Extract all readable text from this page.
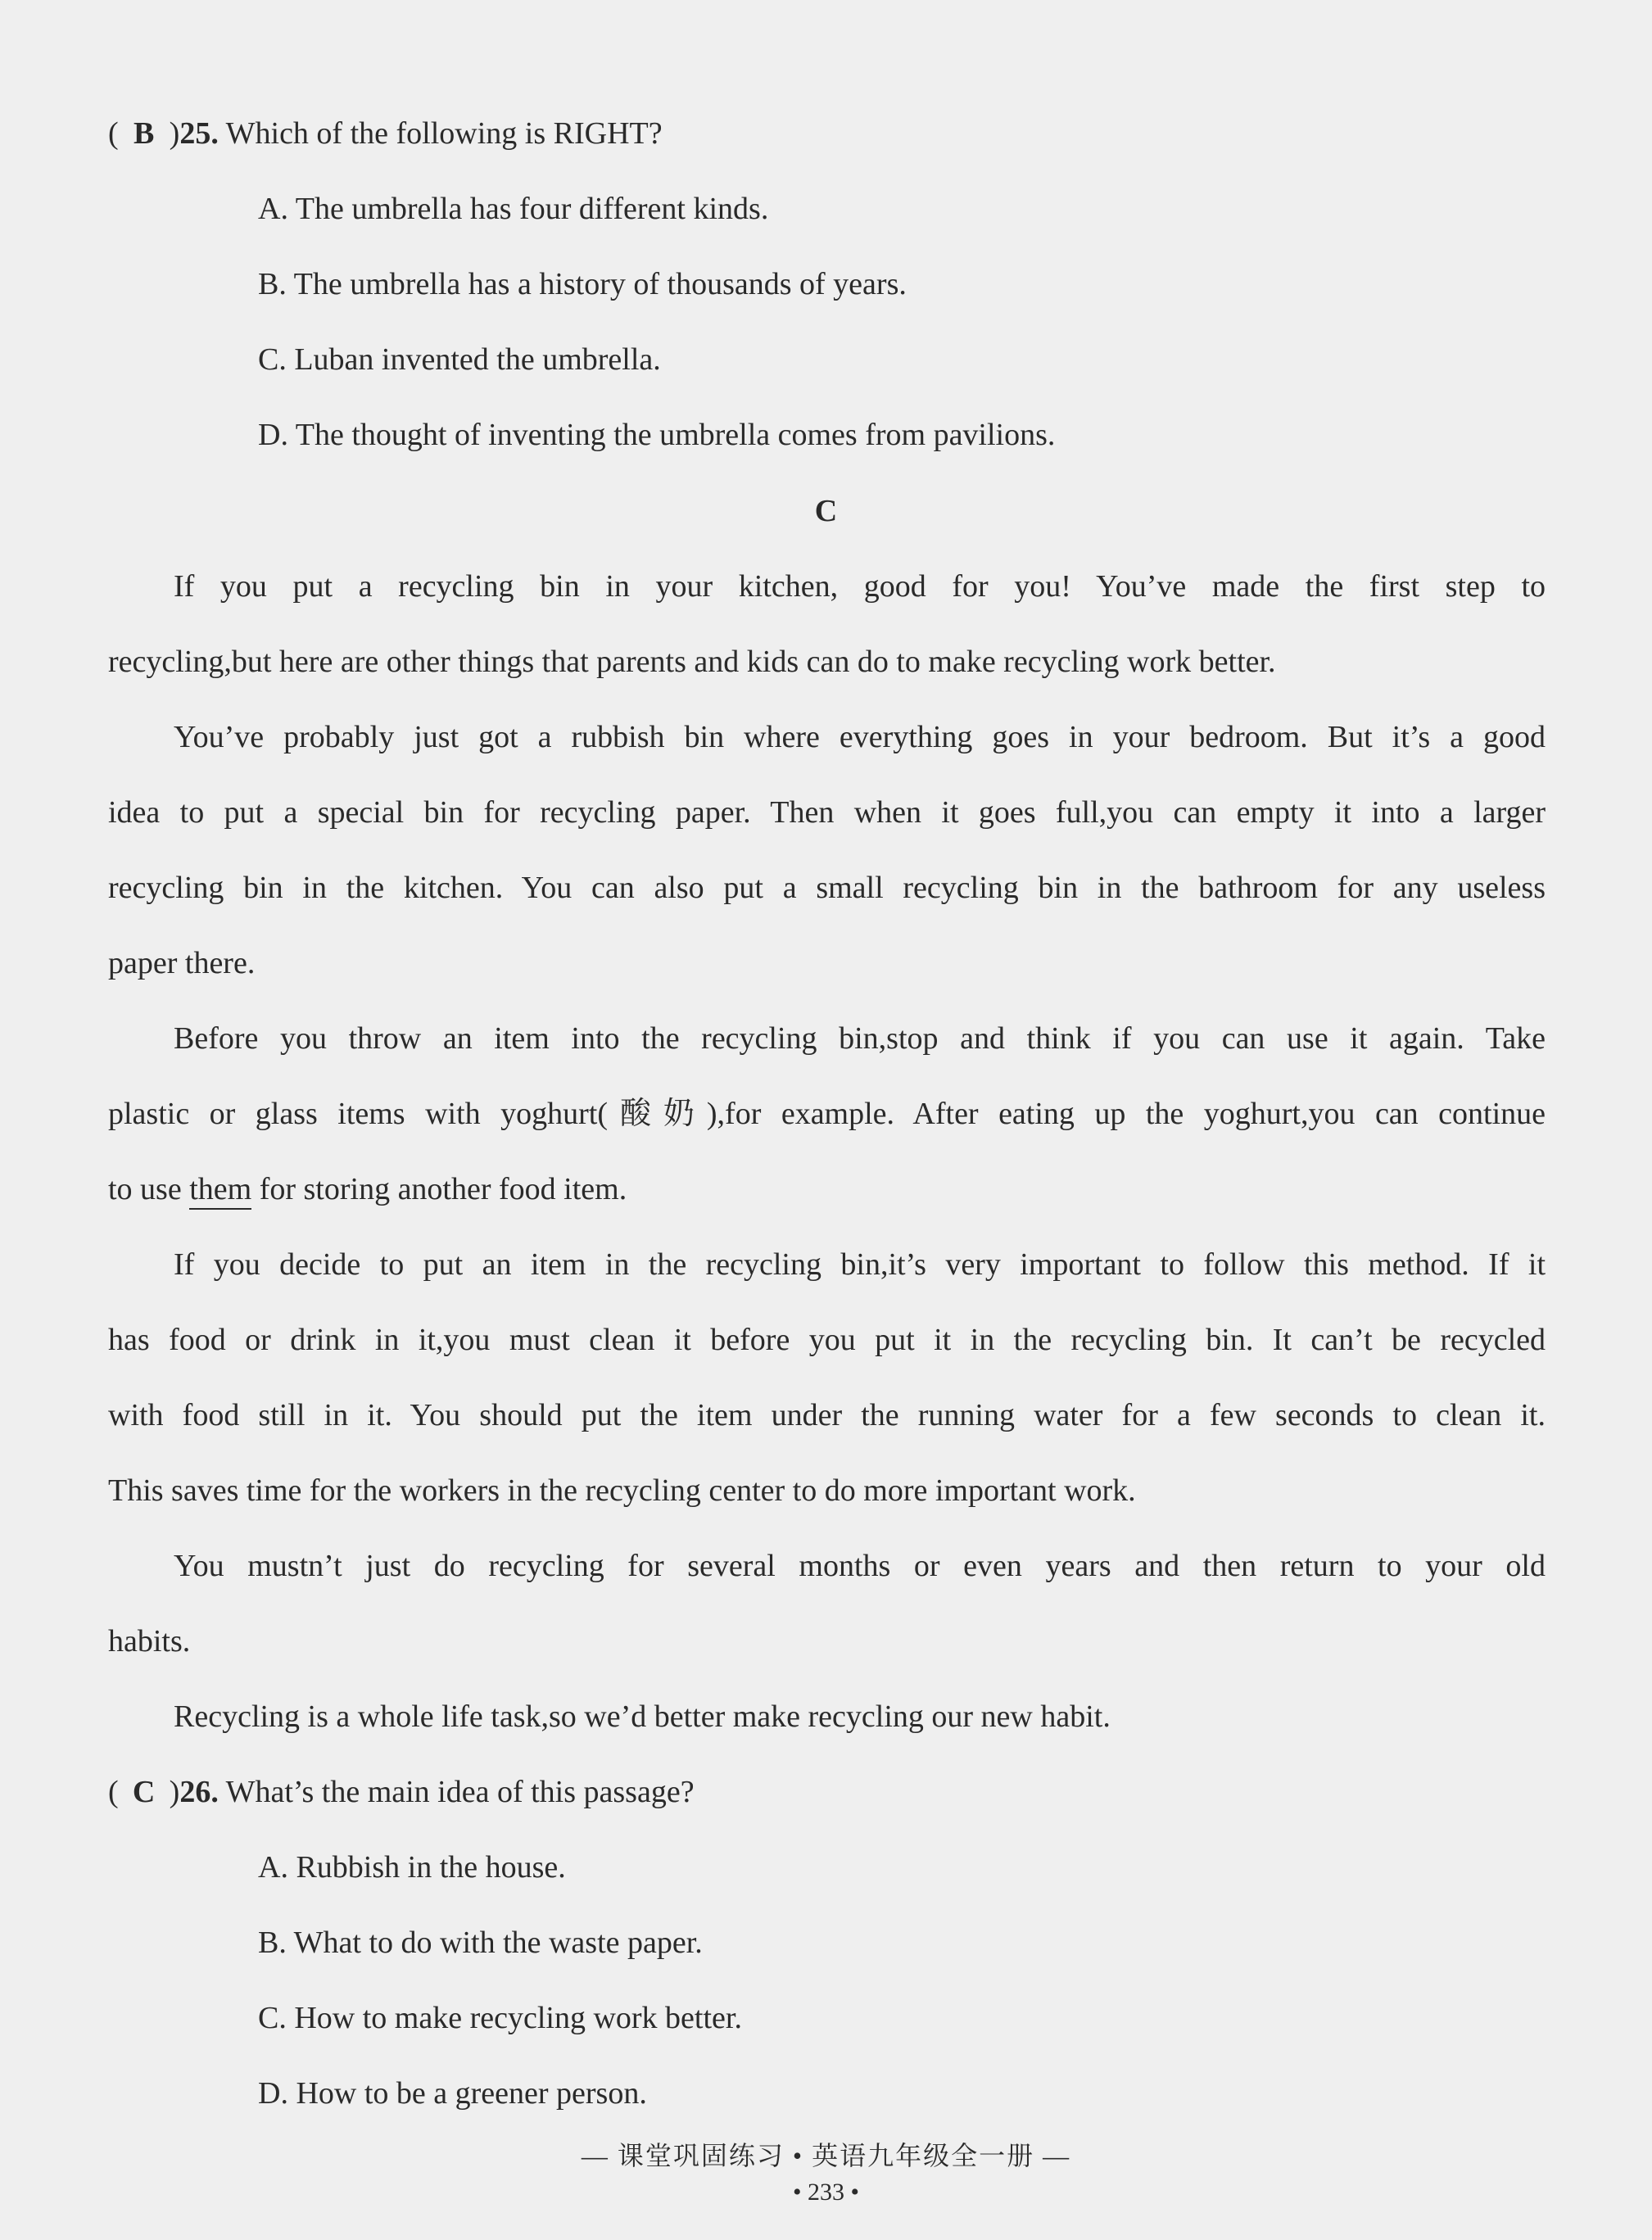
( B )25. Which of the following is RIGHT?
A. The umbrella has four different kinds.
B. The umbrella has a history of thousands of years.
C. Luban invented the umbrella.
D. The thought of inventing the umbrella comes from pavilions.
C
If you put a recycling bin in your kitchen, good for you! You’ve made the first step to
recycling,but here are other things that parents and kids can do to make recycling work better.
You’ve probably just got a rubbish bin where everything goes in your bedroom. But it’s a good
idea to put a special bin for recycling paper. Then when it goes full,you can empty it into a larger
recycling bin in the kitchen. You can also put a small recycling bin in the bathroom for any useless
paper there.
Before you throw an item into the recycling bin,stop and think if you can use it again. Take
plastic or glass items with yoghurt(酸奶),for example. After eating up the yoghurt,you can continue
to use them for storing another food item.
If you decide to put an item in the recycling bin,it’s very important to follow this method. If it
has food or drink in it,you must clean it before you put it in the recycling bin. It can’t be recycled
with food still in it. You should put the item under the running water for a few seconds to clean it.
This saves time for the workers in the recycling center to do more important work.
You mustn’t just do recycling for several months or even years and then return to your old
habits.
Recycling is a whole life task,so we’d better make recycling our new habit.
( C )26. What’s the main idea of this passage?
A. Rubbish in the house.
B. What to do with the waste paper.
C. How to make recycling work better.
D. How to be a greener person.
— 课堂巩固练习 • 英语九年级全一册 —
• 233 •
